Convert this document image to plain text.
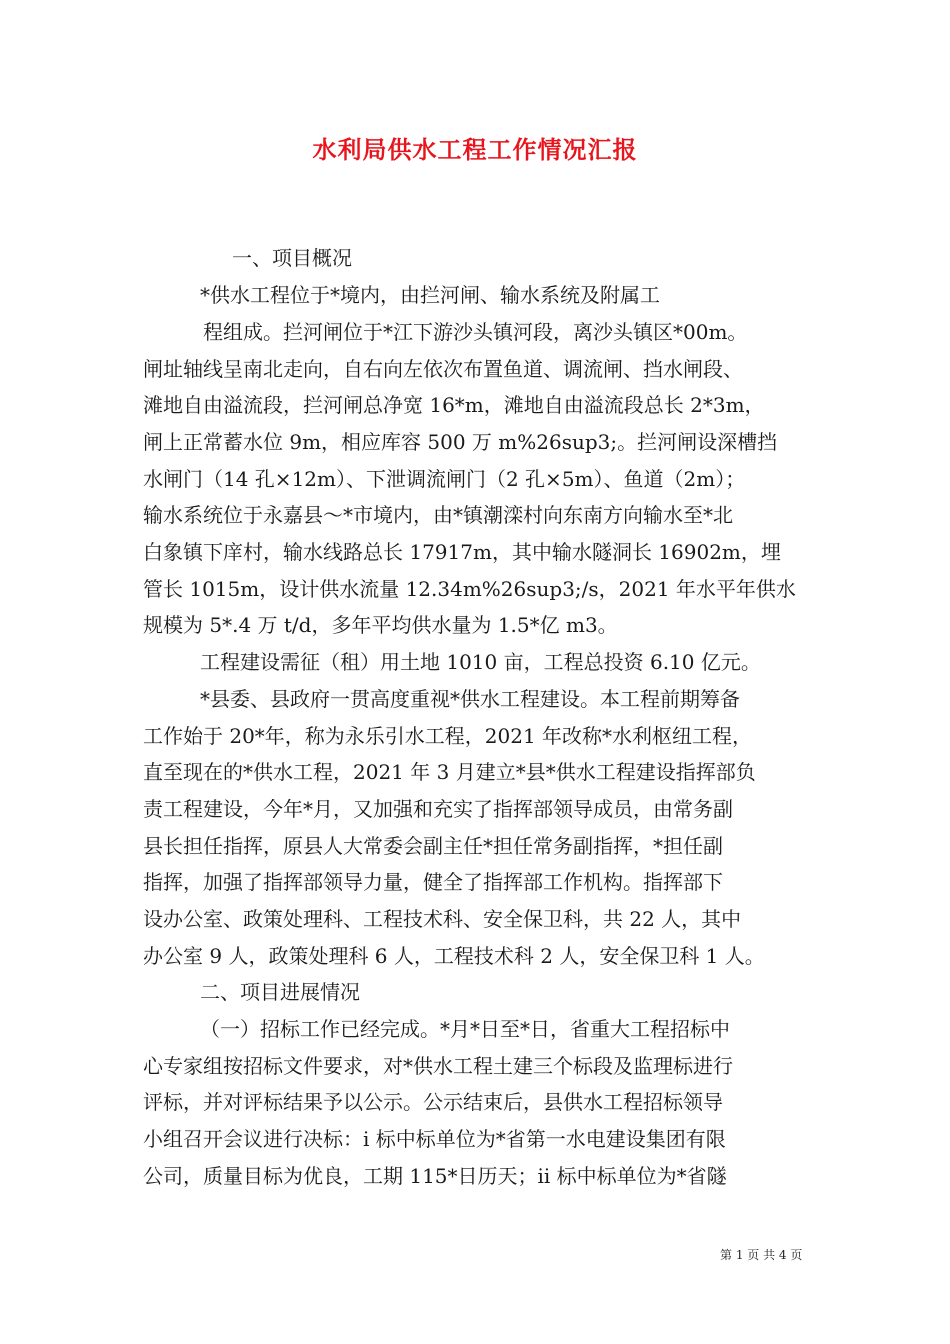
水利局供水工程工作情况汇报
一、项目概况
*供水工程位于*境内，由拦河闸、输水系统及附属工
程组成。拦河闸位于*江下游沙头镇河段，离沙头镇区*00m。
闸址轴线呈南北走向，自右向左依次布置鱼道、调流闸、挡水闸段、
滩地自由溢流段，拦河闸总净宽 16*m，滩地自由溢流段总长 2*3m，
闸上正常蓄水位 9m，相应库容 500 万 m%26sup3;。拦河闸设深槽挡
水闸门（14 孔×12m）、下泄调流闸门（2 孔×5m）、鱼道（2m）；
输水系统位于永嘉县～*市境内，由*镇潮滦村向东南方向输水至*北
白象镇下庠村，输水线路总长 17917m，其中输水隧洞长 16902m，埋
管长 1015m，设计供水流量 12.34m%26sup3;/s，2021 年水平年供水
规模为 5*.4 万 t/d，多年平均供水量为 1.5*亿 m3。
工程建设需征（租）用土地 1010 亩，工程总投资 6.10 亿元。
*县委、县政府一贯高度重视*供水工程建设。本工程前期筹备
工作始于 20*年，称为永乐引水工程，2021 年改称*水利枢纽工程，
直至现在的*供水工程，2021 年 3 月建立*县*供水工程建设指挥部负
责工程建设，今年*月，又加强和充实了指挥部领导成员，由常务副
县长担任指挥，原县人大常委会副主任*担任常务副指挥，*担任副
指挥，加强了指挥部领导力量，健全了指挥部工作机构。指挥部下
设办公室、政策处理科、工程技术科、安全保卫科，共 22 人，其中
办公室 9 人，政策处理科 6 人，工程技术科 2 人，安全保卫科 1 人。
二、项目进展情况
（一）招标工作已经完成。*月*日至*日，省重大工程招标中
心专家组按招标文件要求，对*供水工程土建三个标段及监理标进行
评标，并对评标结果予以公示。公示结束后，县供水工程招标领导
小组召开会议进行决标：i 标中标单位为*省第一水电建设集团有限
公司，质量目标为优良，工期 115*日历天；ii 标中标单位为*省隧
第 1 页 共 4 页
